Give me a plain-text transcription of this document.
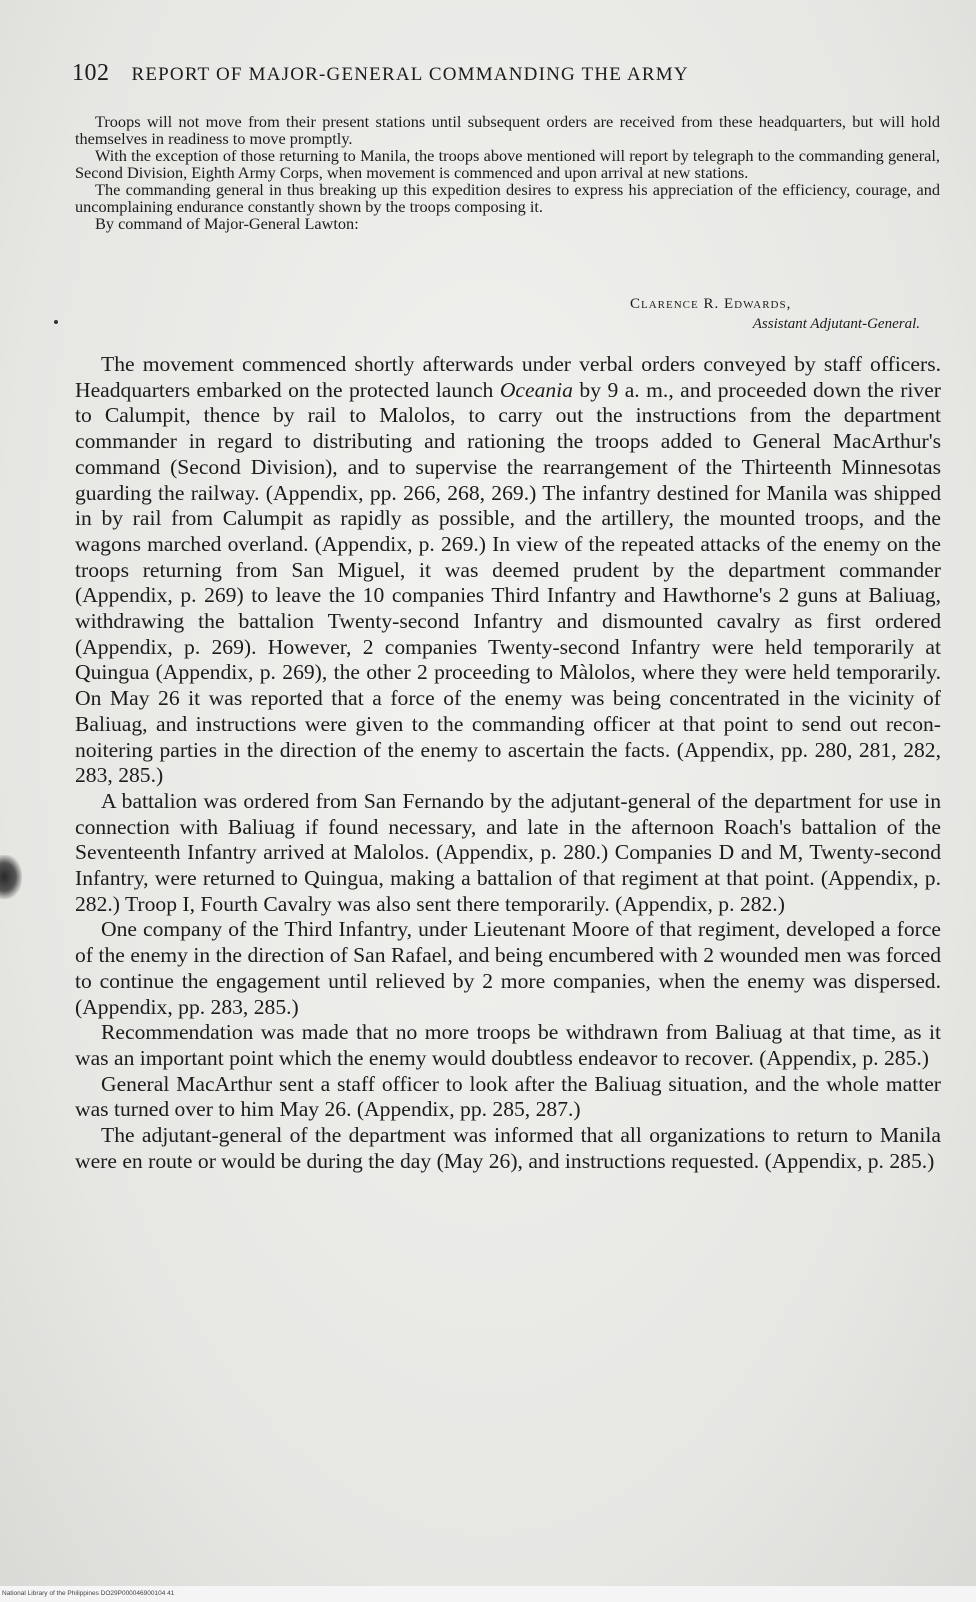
102 REPORT OF MAJOR-GENERAL COMMANDING THE ARMY

Troops will not move from their present stations until subsequent orders are received from these headquarters, but will hold themselves in readiness to move promptly.

With the exception of those returning to Manila, the troops above mentioned will report by telegraph to the commanding general, Second Division, Eighth Army Corps, when movement is commenced and upon arrival at new stations.

The commanding general in thus breaking up this expedition desires to express his appreciation of the efficiency, courage, and uncomplaining endurance constantly shown by the troops composing it.

By command of Major-General Lawton:

Clarence R. Edwards,
Assistant Adjutant-General.

The movement commenced shortly afterwards under verbal orders conveyed by staff officers. Headquarters embarked on the protected launch Oceania by 9 a. m., and proceeded down the river to Calumpit, thence by rail to Malolos, to carry out the instructions from the department commander in regard to distributing and rationing the troops added to General MacArthur's command (Second Division), and to supervise the rearrangement of the Thirteenth Minnesotas guarding the railway. (Appendix, pp. 266, 268, 269.) The infantry destined for Manila was shipped in by rail from Calumpit as rapidly as possible, and the artillery, the mounted troops, and the wagons marched overland. (Appendix, p. 269.) In view of the repeated attacks of the enemy on the troops returning from San Miguel, it was deemed prudent by the department commander (Appendix, p. 269) to leave the 10 companies Third Infantry and Hawthorne's 2 guns at Baliuag, withdrawing the battalion Twenty-second Infantry and dismounted cavalry as first ordered (Appendix, p. 269). However, 2 companies Twenty-second Infantry were held temporarily at Quingua (Appendix, p. 269), the other 2 proceeding to Màlolos, where they were held temporarily. On May 26 it was reported that a force of the enemy was being concentrated in the vicinity of Baliuag, and instructions were given to the commanding officer at that point to send out reconnoitering parties in the direction of the enemy to ascertain the facts. (Appendix, pp. 280, 281, 282, 283, 285.)

A battalion was ordered from San Fernando by the adjutant-general of the department for use in connection with Baliuag if found necessary, and late in the afternoon Roach's battalion of the Seventeenth Infantry arrived at Malolos. (Appendix, p. 280.) Companies D and M, Twenty-second Infantry, were returned to Quingua, making a battalion of that regiment at that point. (Appendix, p. 282.) Troop I, Fourth Cavalry was also sent there temporarily. (Appendix, p. 282.)

One company of the Third Infantry, under Lieutenant Moore of that regiment, developed a force of the enemy in the direction of San Rafael, and being encumbered with 2 wounded men was forced to continue the engagement until relieved by 2 more companies, when the enemy was dispersed. (Appendix, pp. 283, 285.)

Recommendation was made that no more troops be withdrawn from Baliuag at that time, as it was an important point which the enemy would doubtless endeavor to recover. (Appendix, p. 285.)

General MacArthur sent a staff officer to look after the Baliuag situation, and the whole matter was turned over to him May 26. (Appendix, pp. 285, 287.)

The adjutant-general of the department was informed that all organizations to return to Manila were en route or would be during the day (May 26), and instructions requested. (Appendix, p. 285.)

National Library of the Philippines DO29P000046900104 41
